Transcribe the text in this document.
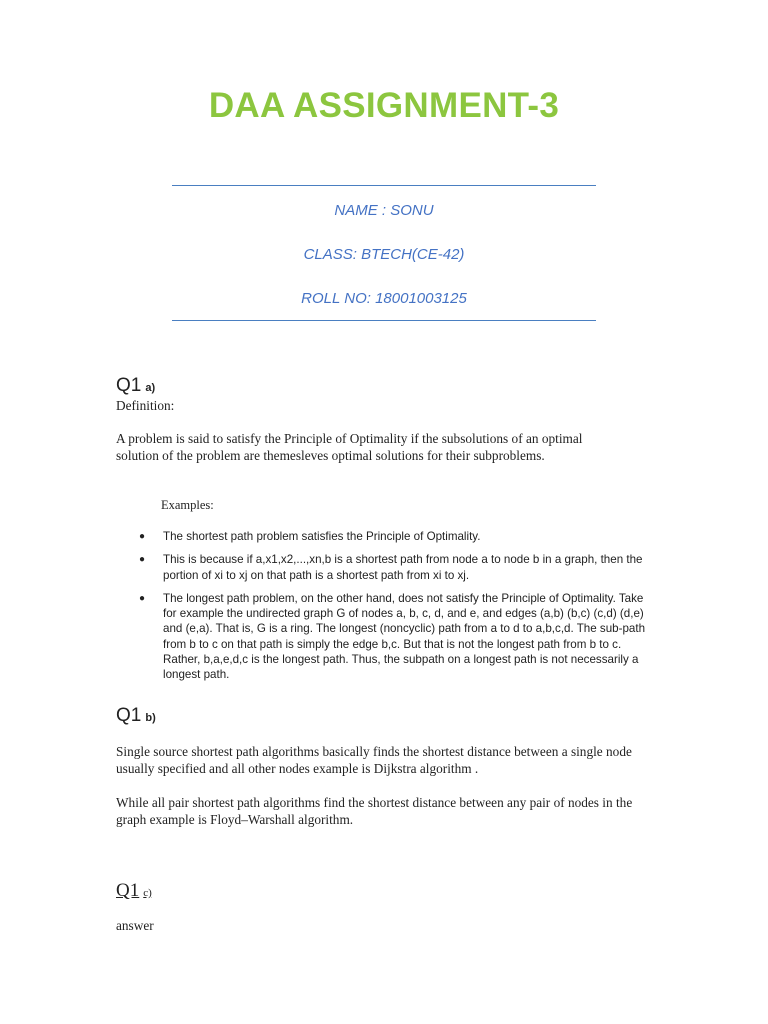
DAA ASSIGNMENT-3
NAME : SONU
CLASS: BTECH(CE-42)
ROLL NO: 18001003125
Q1 a)
Definition:
A problem is said to satisfy the Principle of Optimality if the subsolutions of an optimal solution of the problem are themesleves optimal solutions for their subproblems.
Examples:
● The shortest path problem satisfies the Principle of Optimality.
● This is because if a,x1,x2,...,xn,b is a shortest path from node a to node b in a graph, then the portion of xi to xj on that path is a shortest path from xi to xj.
● The longest path problem, on the other hand, does not satisfy the Principle of Optimality. Take for example the undirected graph G of nodes a, b, c, d, and e, and edges (a,b) (b,c) (c,d) (d,e) and (e,a). That is, G is a ring. The longest (noncyclic) path from a to d to a,b,c,d. The sub-path from b to c on that path is simply the edge b,c. But that is not the longest path from b to c. Rather, b,a,e,d,c is the longest path. Thus, the subpath on a longest path is not necessarily a longest path.
Q1 b)
Single source shortest path algorithms basically finds the shortest distance between a single node usually specified and all other nodes example is Dijkstra algorithm .
While all pair shortest path algorithms find the shortest distance between any pair of nodes in the graph example is Floyd–Warshall algorithm.
Q1 c)
answer
